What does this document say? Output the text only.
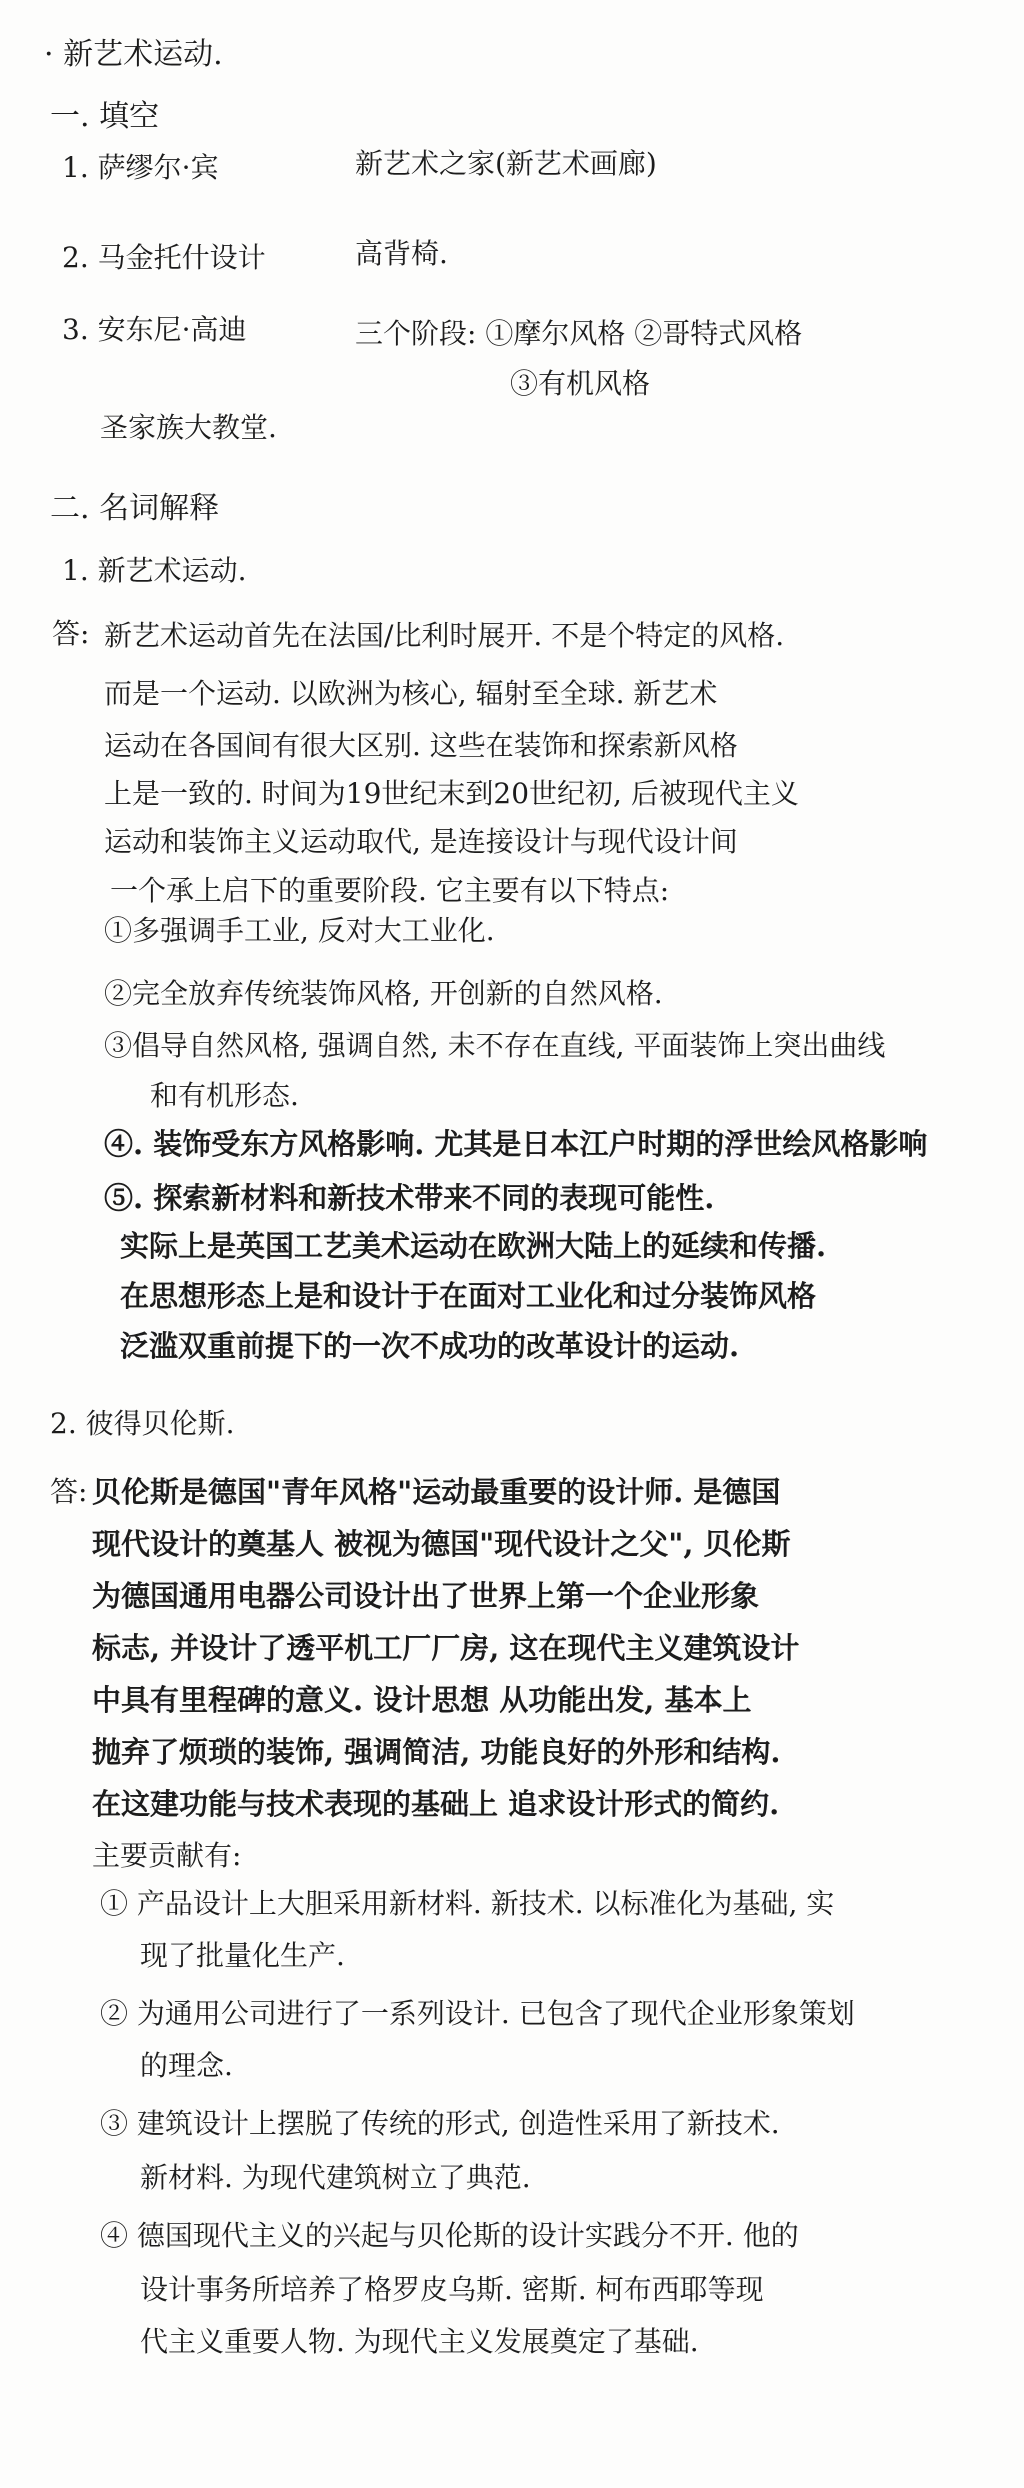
· 新艺术运动.
一. 填空
1. 萨缪尔·宾	新艺术之家(新艺术画廊)
2. 马金托什设计	高背椅.
3. 安东尼·高迪	三个阶段: ①摩尔风格 ②哥特式风格
③有机风格
圣家族大教堂.
二. 名词解释
1. 新艺术运动.
答: 新艺术运动首先在法国/比利时展开. 不是个特定的风格.
而是一个运动. 以欧洲为核心, 辐射至全球. 新艺术
运动在各国间有很大区别. 这些在装饰和探索新风格
上是一致的. 时间为19世纪末到20世纪初, 后被现代主义
运动和装饰主义运动取代, 是连接设计与现代设计间
一个承上启下的重要阶段. 它主要有以下特点:
①多强调手工业, 反对大工业化.
②完全放弃传统装饰风格, 开创新的自然风格.
③倡导自然风格, 强调自然, 未不存在直线, 平面装饰上突出曲线
和有机形态.
④. 装饰受东方风格影响. 尤其是日本江户时期的浮世绘风格影响
⑤. 探索新材料和新技术带来不同的表现可能性.
实际上是英国工艺美术运动在欧洲大陆上的延续和传播.
在思想形态上是和设计于在面对工业化和过分装饰风格
泛滥双重前提下的一次不成功的改革设计的运动.
2. 彼得贝伦斯.
答: 贝伦斯是德国"青年风格"运动最重要的设计师. 是德国
现代设计的奠基人 被视为德国"现代设计之父", 贝伦斯
为德国通用电器公司设计出了世界上第一个企业形象
标志, 并设计了透平机工厂厂房, 这在现代主义建筑设计
中具有里程碑的意义. 设计思想 从功能出发, 基本上
抛弃了烦琐的装饰, 强调简洁, 功能良好的外形和结构.
在这建功能与技术表现的基础上 追求设计形式的简约.
主要贡献有:
① 产品设计上大胆采用新材料. 新技术. 以标准化为基础, 实
现了批量化生产.
② 为通用公司进行了一系列设计. 已包含了现代企业形象策划
的理念.
③ 建筑设计上摆脱了传统的形式, 创造性采用了新技术.
新材料. 为现代建筑树立了典范.
④ 德国现代主义的兴起与贝伦斯的设计实践分不开. 他的
设计事务所培养了格罗皮乌斯. 密斯. 柯布西耶等现
代主义重要人物. 为现代主义发展奠定了基础.
